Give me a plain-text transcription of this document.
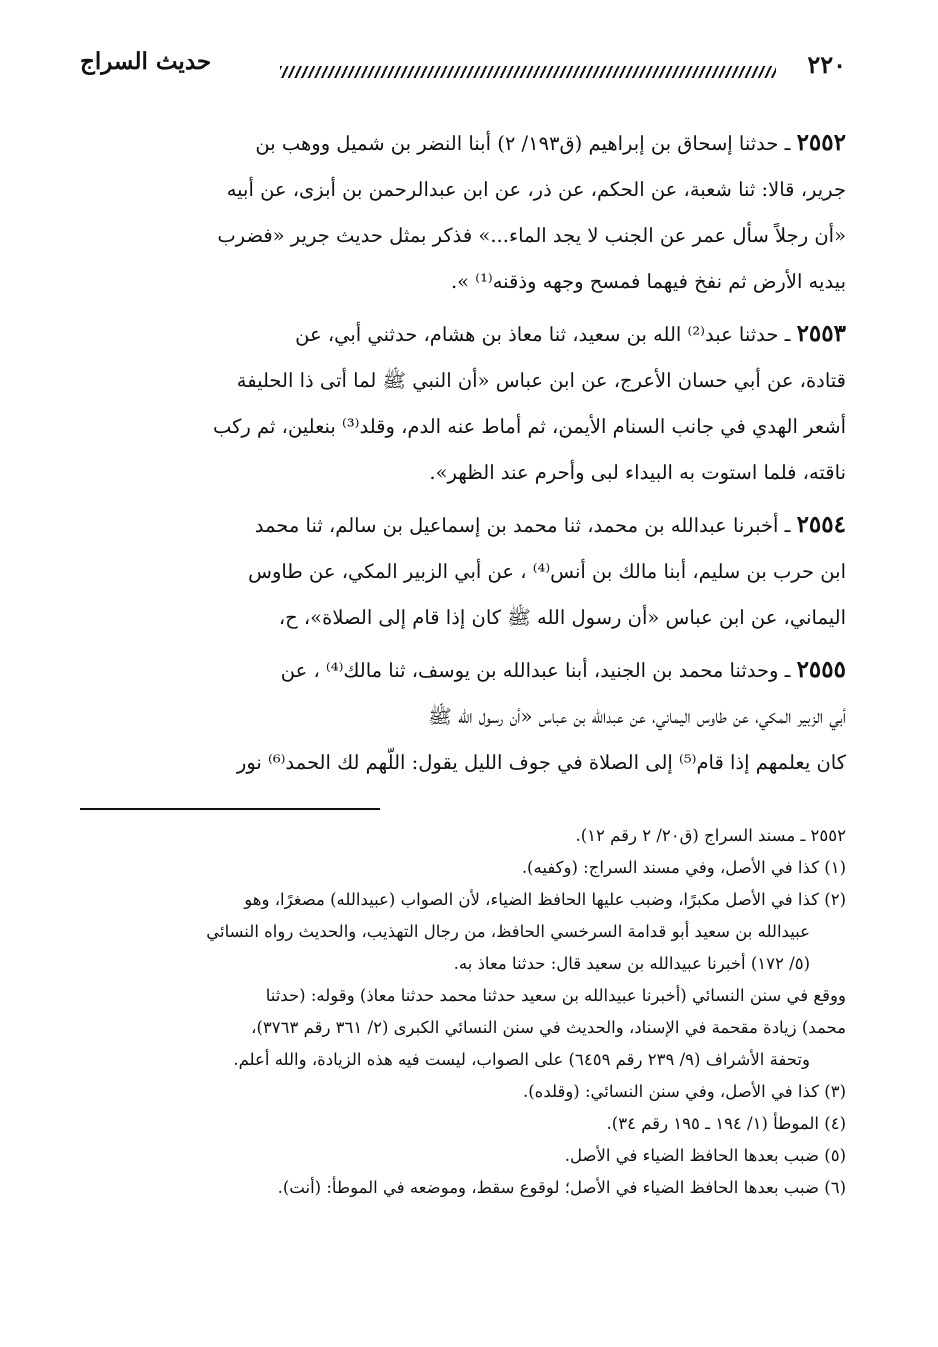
٢٢٠
حديث السراج

٢٥٥٢ ـ حدثنا إسحاق بن إبراهيم (ق١٩٣/ ٢) أبنا النضر بن شميل ووهب بن

جرير، قالا: ثنا شعبة، عن الحكم، عن ذر، عن ابن عبدالرحمن بن أبزى، عن أبيه

«أن رجلاً سأل عمر عن الجنب لا يجد الماء...» فذكر بمثل حديث جرير «فضرب

بيديه الأرض ثم نفخ فيهما فمسح وجهه وذقنه⁽¹⁾ ».

٢٥٥٣ ـ حدثنا عبد⁽²⁾ الله بن سعيد، ثنا معاذ بن هشام، حدثني أبي، عن

قتادة، عن أبي حسان الأعرج، عن ابن عباس «أن النبي ﷺ لما أتى ذا الحليفة

أشعر الهدي في جانب السنام الأيمن، ثم أماط عنه الدم، وقلد⁽³⁾ بنعلين، ثم ركب

ناقته، فلما استوت به البيداء لبى وأحرم عند الظهر».

٢٥٥٤ ـ أخبرنا عبدالله بن محمد، ثنا محمد بن إسماعيل بن سالم، ثنا محمد

ابن حرب بن سليم، أبنا مالك بن أنس⁽⁴⁾ ، عن أبي الزبير المكي، عن طاوس

اليماني، عن ابن عباس «أن رسول الله ﷺ كان إذا قام إلى الصلاة»، ح،

٢٥٥٥ ـ وحدثنا محمد بن الجنيد، أبنا عبدالله بن يوسف، ثنا مالك⁽⁴⁾ ، عن

أبي الزبير المكي، عن طاوس اليماني، عن عبدالله بن عباس «أن رسول الله ﷺ

كان يعلمهم إذا قام⁽⁵⁾ إلى الصلاة في جوف الليل يقول: اللّهم لك الحمد⁽⁶⁾ نور

٢٥٥٢ ـ مسند السراج (ق٢٠/ ٢ رقم ١٢).

(١) كذا في الأصل، وفي مسند السراج: (وكفيه).

(٢) كذا في الأصل مكبرًا، وضبب عليها الحافظ الضياء، لأن الصواب (عبيدالله) مصغرًا، وهو

عبيدالله بن سعيد أبو قدامة السرخسي الحافظ، من رجال التهذيب، والحديث رواه النسائي

(٥/ ١٧٢) أخبرنا عبيدالله بن سعيد قال: حدثنا معاذ به.

ووقع في سنن النسائي (أخبرنا عبيدالله بن سعيد حدثنا محمد حدثنا معاذ) وقوله: (حدثنا

محمد) زيادة مقحمة في الإسناد، والحديث في سنن النسائي الكبرى (٢/ ٣٦١ رقم ٣٧٦٣)،

وتحفة الأشراف (٩/ ٢٣٩ رقم ٦٤٥٩) على الصواب، ليست فيه هذه الزيادة، والله أعلم.

(٣) كذا في الأصل، وفي سنن النسائي: (وقلده).

(٤) الموطأ (١/ ١٩٤ ـ ١٩٥ رقم ٣٤).

(٥) ضبب بعدها الحافظ الضياء في الأصل.

(٦) ضبب بعدها الحافظ الضياء في الأصل؛ لوقوع سقط، وموضعه في الموطأ: (أنت).
